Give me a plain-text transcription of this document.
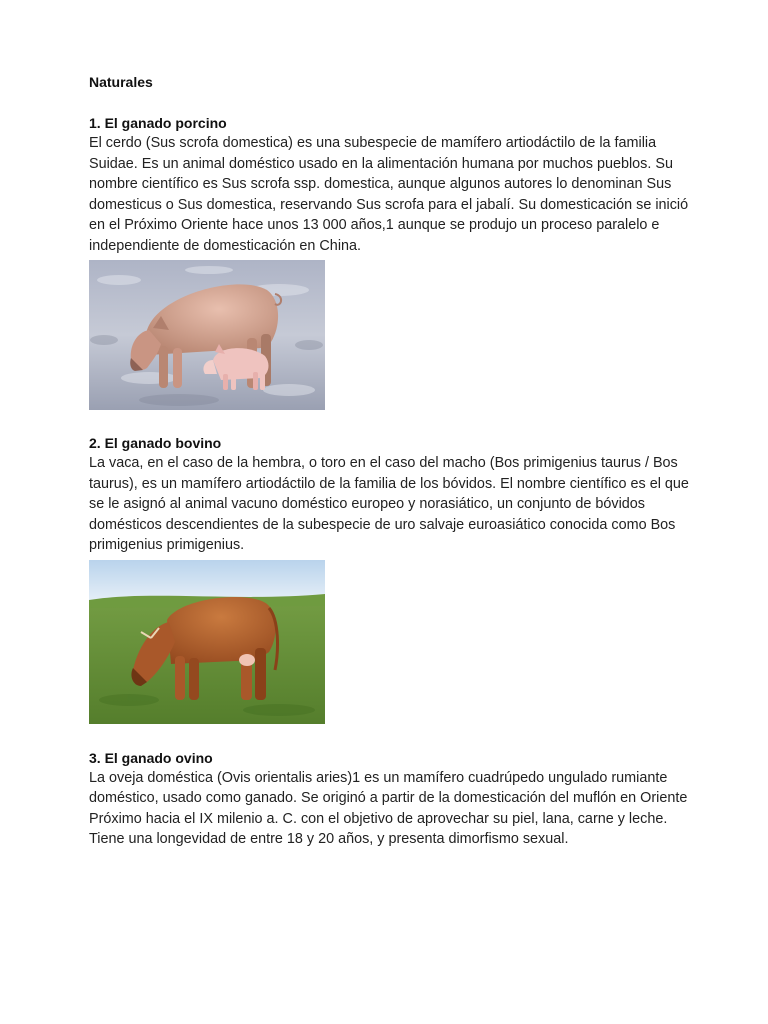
Naturales
1. El ganado porcino

El cerdo (Sus scrofa domestica) es una subespecie de mamífero artiodáctilo de la familia Suidae. Es un animal doméstico usado en la alimentación humana por muchos pueblos. Su nombre científico es Sus scrofa ssp. domestica, aunque algunos autores lo denominan Sus domesticus o Sus domestica, reservando Sus scrofa para el jabalí. Su domesticación se inició en el Próximo Oriente hace unos 13 000 años,1 aunque se produjo un proceso paralelo e independiente de domesticación en China.

2. El ganado bovino

La vaca, en el caso de la hembra, o toro en el caso del macho (Bos primigenius taurus / Bos taurus), es un mamífero artiodáctilo de la familia de los bóvidos. El nombre científico es el que se le asignó al animal vacuno doméstico europeo y norasiático, un conjunto de bóvidos domésticos descendientes de la subespecie de uro salvaje euroasiático conocida como Bos primigenius primigenius.

3. El ganado ovino

La oveja doméstica (Ovis orientalis aries)1 es un mamífero cuadrúpedo ungulado rumiante doméstico, usado como ganado. Se originó a partir de la domesticación del muflón en Oriente Próximo hacia el IX milenio a. C. con el objetivo de aprovechar su piel, lana, carne y leche. Tiene una longevidad de entre 18 y 20 años, y presenta dimorfismo sexual.
